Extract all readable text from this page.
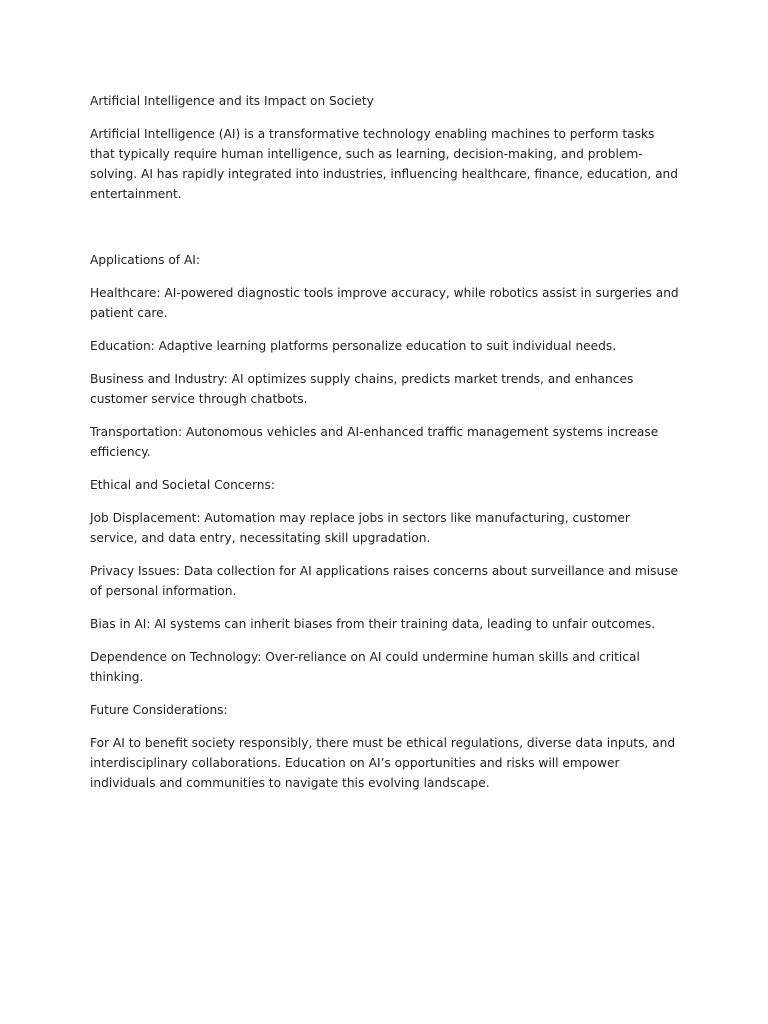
Artificial Intelligence and its Impact on Society

Artificial Intelligence (AI) is a transformative technology enabling machines to perform tasks that typically require human intelligence, such as learning, decision-making, and problem-solving. AI has rapidly integrated into industries, influencing healthcare, finance, education, and entertainment.

Applications of AI:

Healthcare: AI-powered diagnostic tools improve accuracy, while robotics assist in surgeries and patient care.

Education: Adaptive learning platforms personalize education to suit individual needs.

Business and Industry: AI optimizes supply chains, predicts market trends, and enhances customer service through chatbots.

Transportation: Autonomous vehicles and AI-enhanced traffic management systems increase efficiency.

Ethical and Societal Concerns:

Job Displacement: Automation may replace jobs in sectors like manufacturing, customer service, and data entry, necessitating skill upgradation.

Privacy Issues: Data collection for AI applications raises concerns about surveillance and misuse of personal information.

Bias in AI: AI systems can inherit biases from their training data, leading to unfair outcomes.

Dependence on Technology: Over-reliance on AI could undermine human skills and critical thinking.

Future Considerations:

For AI to benefit society responsibly, there must be ethical regulations, diverse data inputs, and interdisciplinary collaborations. Education on AI’s opportunities and risks will empower individuals and communities to navigate this evolving landscape.
